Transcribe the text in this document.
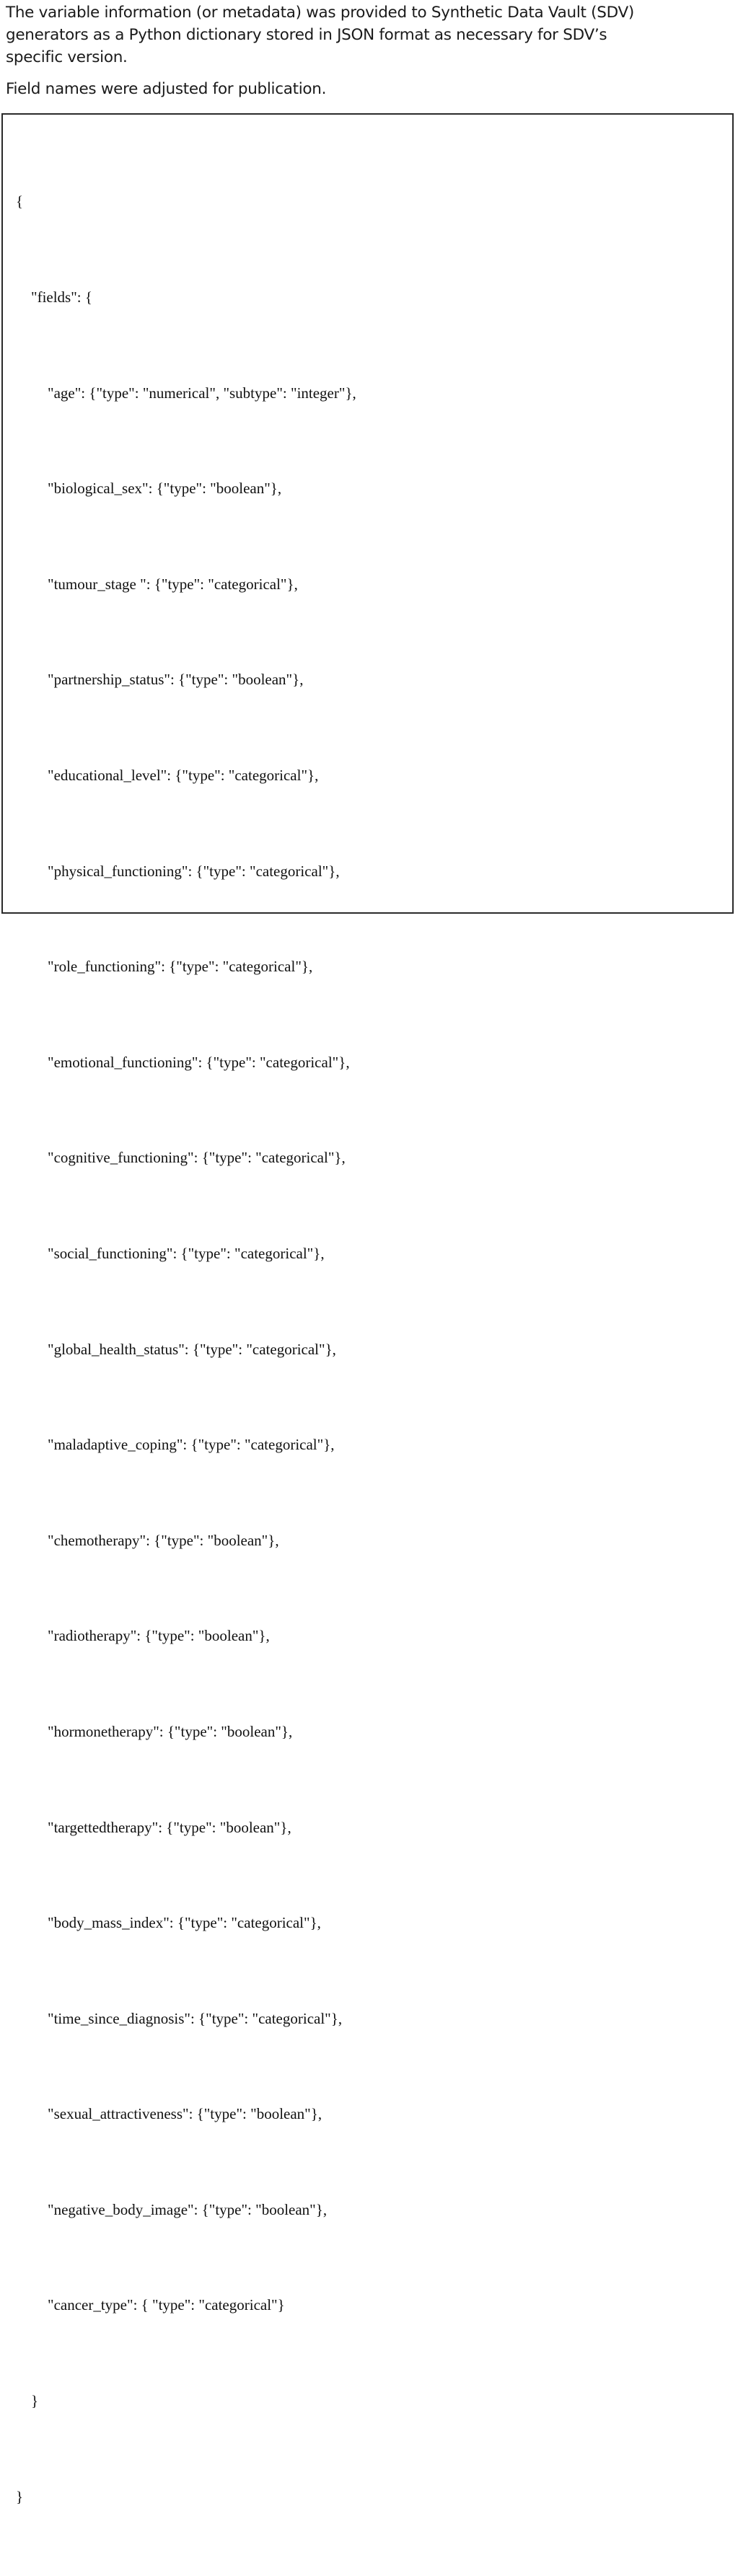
The variable information (or metadata) was provided to Synthetic Data Vault (SDV)
generators as a Python dictionary stored in JSON format as necessary for SDV’s
specific version.

Field names were adjusted for publication.

{

"fields": {

"age": {"type": "numerical", "subtype": "integer"},

"biological_sex": {"type": "boolean"},

"tumour_stage ": {"type": "categorical"},

"partnership_status": {"type": "boolean"},

"educational_level": {"type": "categorical"},

"physical_functioning": {"type": "categorical"},

"role_functioning": {"type": "categorical"},

"emotional_functioning": {"type": "categorical"},

"cognitive_functioning": {"type": "categorical"},

"social_functioning": {"type": "categorical"},

"global_health_status": {"type": "categorical"},

"maladaptive_coping": {"type": "categorical"},

"chemotherapy": {"type": "boolean"},

"radiotherapy": {"type": "boolean"},

"hormonetherapy": {"type": "boolean"},

"targettedtherapy": {"type": "boolean"},

"body_mass_index": {"type": "categorical"},

"time_since_diagnosis": {"type": "categorical"},

"sexual_attractiveness": {"type": "boolean"},

"negative_body_image": {"type": "boolean"},

"cancer_type": { "type": "categorical"}

}

}
